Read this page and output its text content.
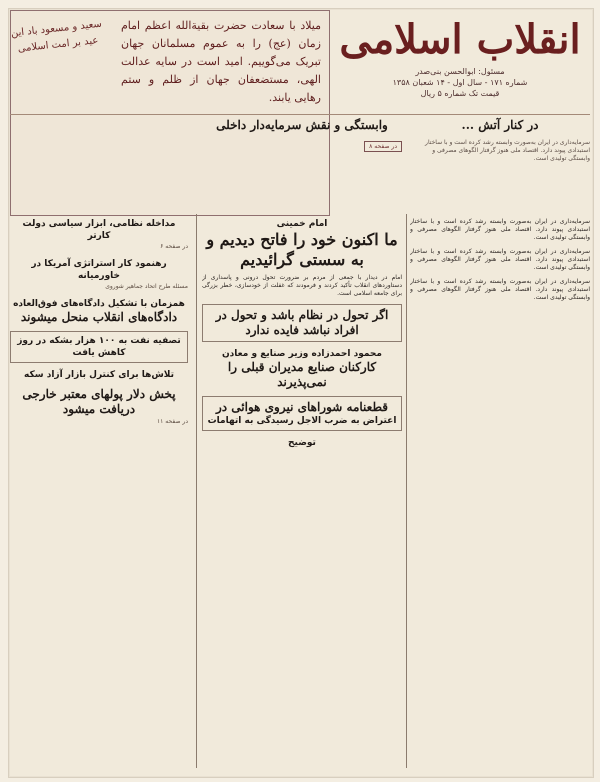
میلاد با سعادت حضرت بقیةالله اعظم امام زمان (عج) را به عموم مسلمانان جهان تبریک می‌گوییم. امید است در سایه عدالت الهی، مستضعفان جهان از ظلم و ستم رهایی یابند.
سعید و مسعود باد این عید بر امت اسلامی	انقلاب اسلامی
مسئول: ابوالحسن بنی‌صدر
شماره ۱۷۱ - سال اول - ۱۴ شعبان ۱۳۵۸
قیمت تک شماره ۵ ریال
وابستگی و نقش سرمایه‌دار داخلی
در صفحه ۸
در کنار آتش ...
سرمایه‌داری در ایران به‌صورت وابسته رشد کرده است و با ساختار استبدادی پیوند دارد. اقتصاد ملی هنوز گرفتار الگوهای مصرفی و وابستگی تولیدی است.
سرمایه‌داری در ایران به‌صورت وابسته رشد کرده است و با ساختار استبدادی پیوند دارد. اقتصاد ملی هنوز گرفتار الگوهای مصرفی و وابستگی تولیدی است.
سرمایه‌داری در ایران به‌صورت وابسته رشد کرده است و با ساختار استبدادی پیوند دارد. اقتصاد ملی هنوز گرفتار الگوهای مصرفی و وابستگی تولیدی است.
سرمایه‌داری در ایران به‌صورت وابسته رشد کرده است و با ساختار استبدادی پیوند دارد. اقتصاد ملی هنوز گرفتار الگوهای مصرفی و وابستگی تولیدی است.
امام خمینی
ما اکنون خود را فاتح دیدیم و به سستی گرائیدیم
امام در دیدار با جمعی از مردم بر ضرورت تحول درونی و پاسداری از دستاوردهای انقلاب تأکید کردند و فرمودند که غفلت از خودسازی، خطر بزرگی برای جامعه اسلامی است.
اگر تحول در نظام باشد و تحول در افراد نباشد فایده ندارد
محمود احمدزاده وزیر صنایع و معادن
کارکنان صنایع مدیران قبلی را نمی‌پذیرند
قطعنامه شوراهای نیروی هوائی در
اعتراض به ضرب الاجل رسیدگی به اتهامات
توضیح
مداخله نظامی، ابزار سیاسی دولت کارتر
در صفحه ۶
رهنمود کار استراتژی آمریکا در خاورمیانه
مسئله طرح اتحاد جماهیر شوروی
همزمان با تشکیل دادگاه‌های فوق‌العاده
دادگاه‌های انقلاب منحل میشوند
تصفیه نفت به ۱۰۰ هزار بشکه در روز کاهش یافت
تلاش‌ها برای کنترل بازار آزاد سکه
پخش دلار پولهای معتبر خارجی دریافت میشود
در صفحه ۱۱
